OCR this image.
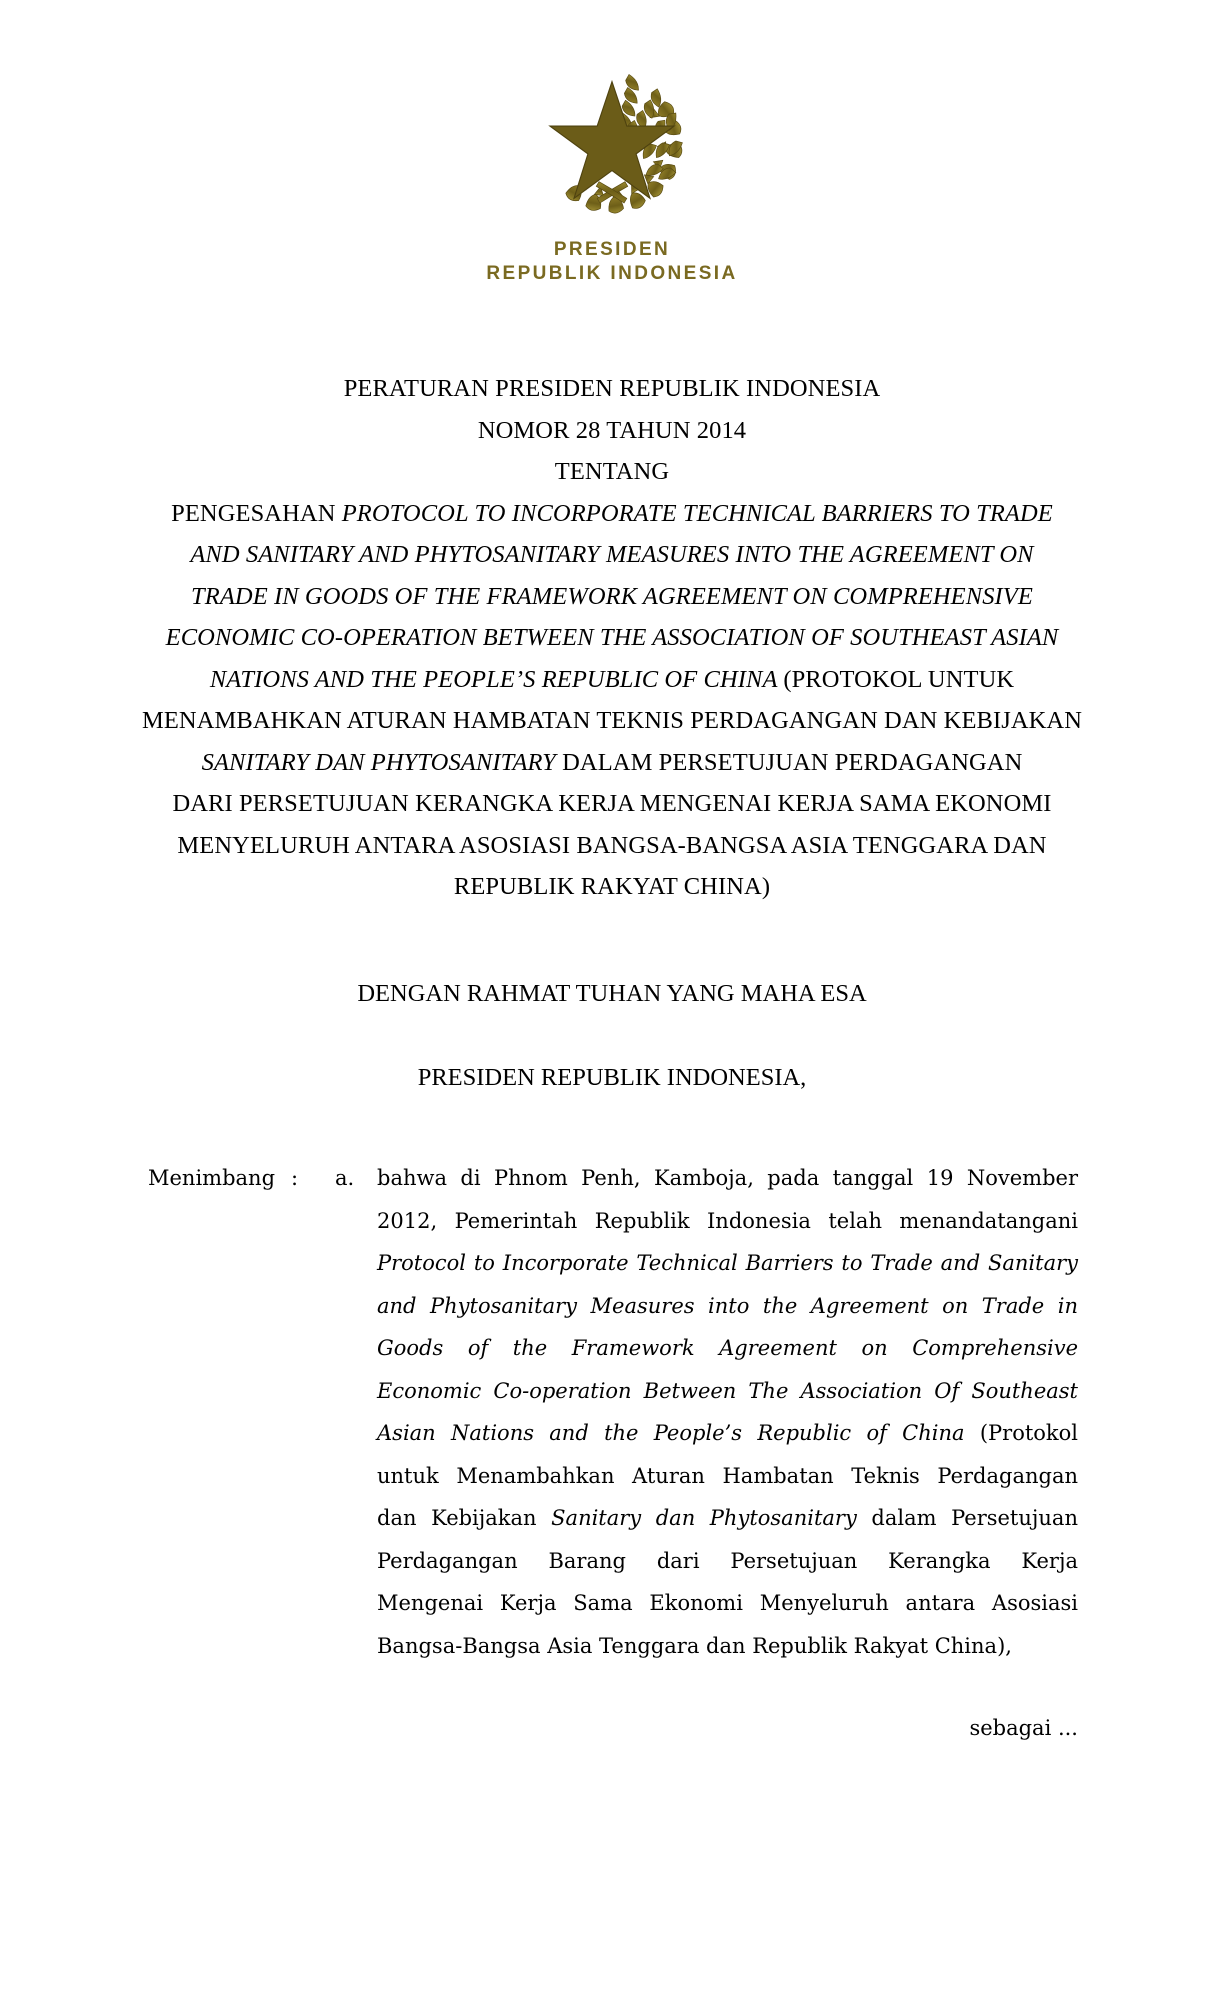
PRESIDEN
REPUBLIK INDONESIA
PERATURAN PRESIDEN REPUBLIK INDONESIA
NOMOR 28 TAHUN 2014
TENTANG
PENGESAHAN PROTOCOL TO INCORPORATE TECHNICAL BARRIERS TO TRADE
AND SANITARY AND PHYTOSANITARY MEASURES INTO THE AGREEMENT ON
TRADE IN GOODS OF THE FRAMEWORK AGREEMENT ON COMPREHENSIVE
ECONOMIC CO-OPERATION BETWEEN THE ASSOCIATION OF SOUTHEAST ASIAN
NATIONS AND THE PEOPLE’S REPUBLIC OF CHINA (PROTOKOL UNTUK
MENAMBAHKAN ATURAN HAMBATAN TEKNIS PERDAGANGAN DAN KEBIJAKAN
SANITARY DAN PHYTOSANITARY DALAM PERSETUJUAN PERDAGANGAN
DARI PERSETUJUAN KERANGKA KERJA MENGENAI KERJA SAMA EKONOMI
MENYELURUH ANTARA ASOSIASI BANGSA-BANGSA ASIA TENGGARA DAN
REPUBLIK RAKYAT CHINA)
DENGAN RAHMAT TUHAN YANG MAHA ESA
PRESIDEN REPUBLIK INDONESIA,
Menimbang :	a.	bahwa di Phnom Penh, Kamboja, pada tanggal 19 November
2012, Pemerintah Republik Indonesia telah menandatangani
Protocol to Incorporate Technical Barriers to Trade and Sanitary
and Phytosanitary Measures into the Agreement on Trade in
Goods of the Framework Agreement on Comprehensive
Economic Co-operation Between The Association Of Southeast
Asian Nations and the People’s Republic of China (Protokol
untuk Menambahkan Aturan Hambatan Teknis Perdagangan
dan Kebijakan Sanitary dan Phytosanitary dalam Persetujuan
Perdagangan Barang dari Persetujuan Kerangka Kerja
Mengenai Kerja Sama Ekonomi Menyeluruh antara Asosiasi
Bangsa-Bangsa Asia Tenggara dan Republik Rakyat China),
sebagai ...
